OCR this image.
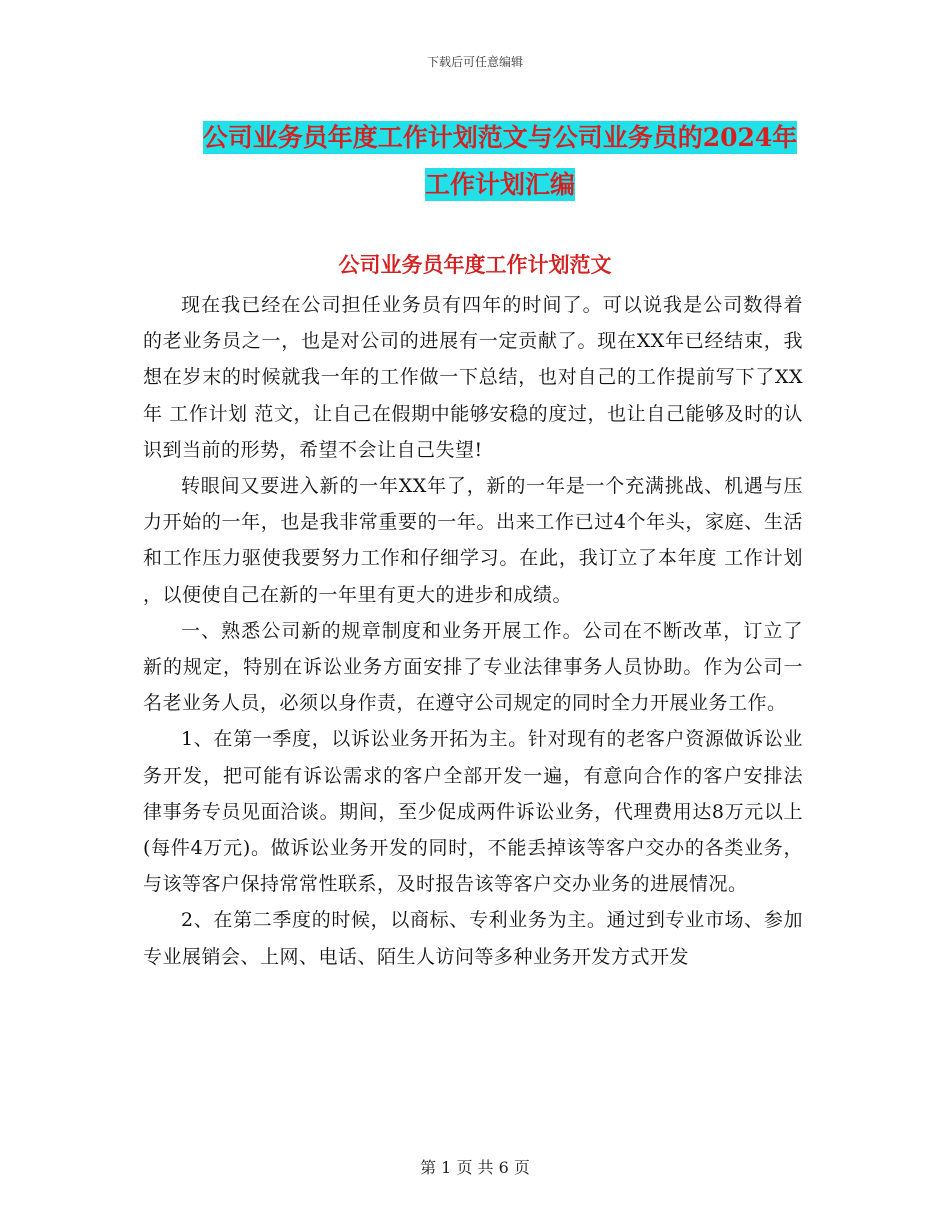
下载后可任意编辑
公司业务员年度工作计划范文与公司业务员的2024年
工作计划汇编
公司业务员年度工作计划范文

现在我已经在公司担任业务员有四年的时间了。可以说我是公司数得着的老业务员之一，也是对公司的进展有一定贡献了。现在XX年已经结束，我想在岁末的时候就我一年的工作做一下总结，也对自己的工作提前写下了XX年 工作计划 范文，让自己在假期中能够安稳的度过，也让自己能够及时的认识到当前的形势，希望不会让自己失望!

转眼间又要进入新的一年XX年了，新的一年是一个充满挑战、机遇与压力开始的一年，也是我非常重要的一年。出来工作已过4个年头，家庭、生活和工作压力驱使我要努力工作和仔细学习。在此，我订立了本年度 工作计划 ，以便使自己在新的一年里有更大的进步和成绩。

一、熟悉公司新的规章制度和业务开展工作。公司在不断改革，订立了新的规定，特别在诉讼业务方面安排了专业法律事务人员协助。作为公司一名老业务人员，必须以身作责，在遵守公司规定的同时全力开展业务工作。

1、在第一季度，以诉讼业务开拓为主。针对现有的老客户资源做诉讼业务开发，把可能有诉讼需求的客户全部开发一遍，有意向合作的客户安排法律事务专员见面洽谈。期间，至少促成两件诉讼业务，代理费用达8万元以上(每件4万元)。做诉讼业务开发的同时，不能丢掉该等客户交办的各类业务，与该等客户保持常常性联系，及时报告该等客户交办业务的进展情况。

2、在第二季度的时候，以商标、专利业务为主。通过到专业市场、参加专业展销会、上网、电话、陌生人访问等多种业务开发方式开发

第 1 页 共 6 页
